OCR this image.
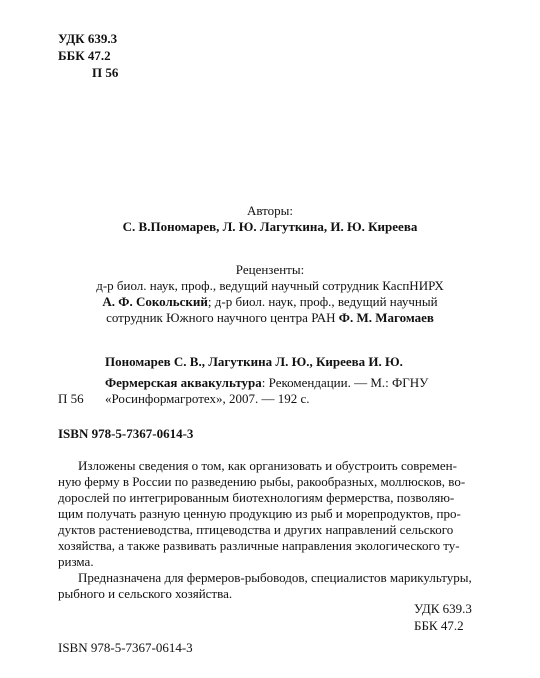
УДК 639.3
ББК 47.2
П 56
Авторы:
С. В.Пономарев, Л. Ю. Лагуткина, И. Ю. Киреева
Рецензенты:
д-р биол. наук, проф., ведущий научный сотрудник КаспНИРХ
А. Ф. Сокольский; д-р биол. наук, проф., ведущий научный
сотрудник Южного научного центра РАН Ф. М. Магомаев
Пономарев С. В., Лагуткина Л. Ю., Киреева И. Ю.
Фермерская аквакультура: Рекомендации. — М.: ФГНУ
«Росинформагротех», 2007. — 192 с.
П 56
ISBN 978-5-7367-0614-3

Изложены сведения о том, как организовать и обустроить современ-
ную ферму в России по разведению рыбы, ракообразных, моллюсков, во-
дорослей по интегрированным биотехнологиям фермерства, позволяю-
щим получать разную ценную продукцию из рыб и морепродуктов, про-
дуктов растениеводства, птицеводства и других направлений сельского
хозяйства, а также развивать различные направления экологического ту-
ризма.

Предназначена для фермеров-рыбоводов, специалистов марикультуры,
рыбного и сельского хозяйства.

УДК 639.3
ББК 47.2
ISBN 978-5-7367-0614-3
